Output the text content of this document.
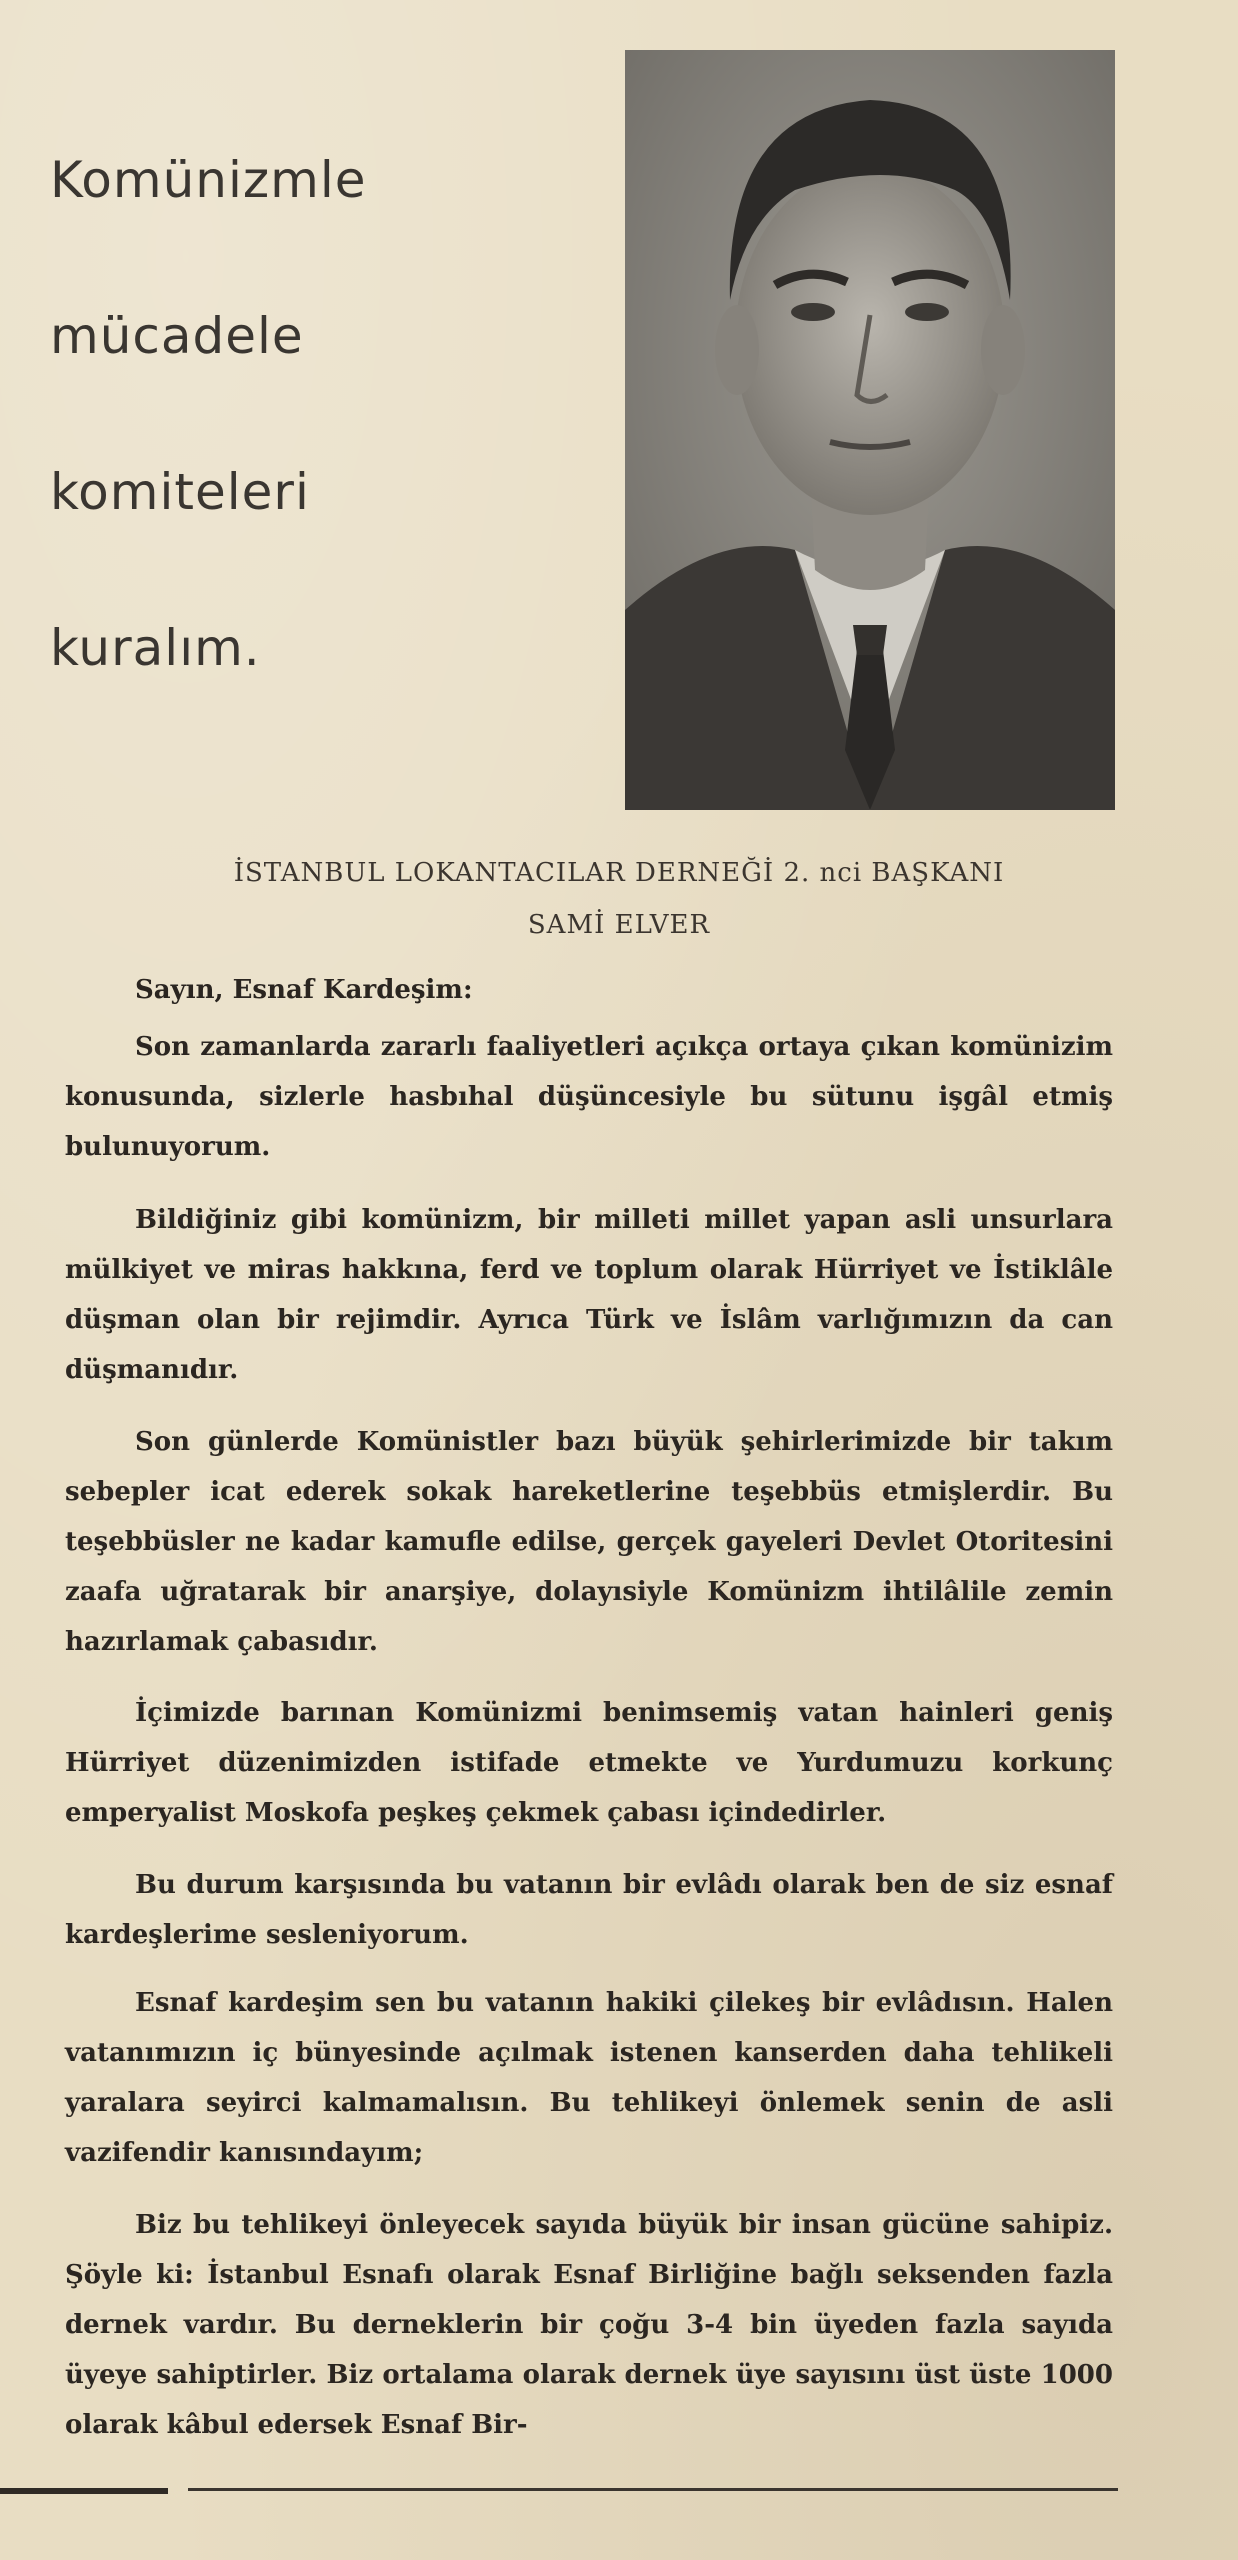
Komünizmle
mücadele
komiteleri
kuralım.
İSTANBUL LOKANTACILAR DERNEĞİ 2. nci BAŞKANI
SAMİ ELVER
Sayın, Esnaf Kardeşim:
Son zamanlarda zararlı faaliyetleri açıkça ortaya çıkan komünizim konusunda, sizlerle hasbıhal düşüncesiyle bu sütunu işgâl etmiş bulunuyorum.
Bildiğiniz gibi komünizm, bir milleti millet yapan asli unsurlara mülkiyet ve miras hakkına, ferd ve toplum olarak Hürriyet ve İstiklâle düşman olan bir rejimdir. Ayrıca Türk ve İslâm varlığımızın da can düşmanıdır.
Son günlerde Komünistler bazı büyük şehirlerimizde bir takım sebepler icat ederek sokak hareketlerine teşebbüs etmişlerdir. Bu teşebbüsler ne kadar kamufle edilse, gerçek gayeleri Devlet Otoritesini zaafa uğratarak bir anarşiye, dolayısiyle Komünizm ihtilâlile zemin hazırlamak çabasıdır.
İçimizde barınan Komünizmi benimsemiş vatan hainleri geniş Hürriyet düzenimizden istifade etmekte ve Yurdumuzu korkunç emperyalist Moskofa peşkeş çekmek çabası içindedirler.
Bu durum karşısında bu vatanın bir evlâdı olarak ben de siz esnaf kardeşlerime sesleniyorum.
Esnaf kardeşim sen bu vatanın hakiki çilekeş bir evlâdısın. Halen vatanımızın iç bünyesinde açılmak istenen kanserden daha tehlikeli yaralara seyirci kalmamalısın. Bu tehlikeyi önlemek senin de asli vazifendir kanısındayım;
Biz bu tehlikeyi önleyecek sayıda büyük bir insan gücüne sahipiz. Şöyle ki: İstanbul Esnafı olarak Esnaf Birliğine bağlı seksenden fazla dernek vardır. Bu derneklerin bir çoğu 3-4 bin üyeden fazla sayıda üyeye sahiptirler. Biz ortalama olarak dernek üye sayısını üst üste 1000 olarak kâbul edersek Esnaf Bir-
